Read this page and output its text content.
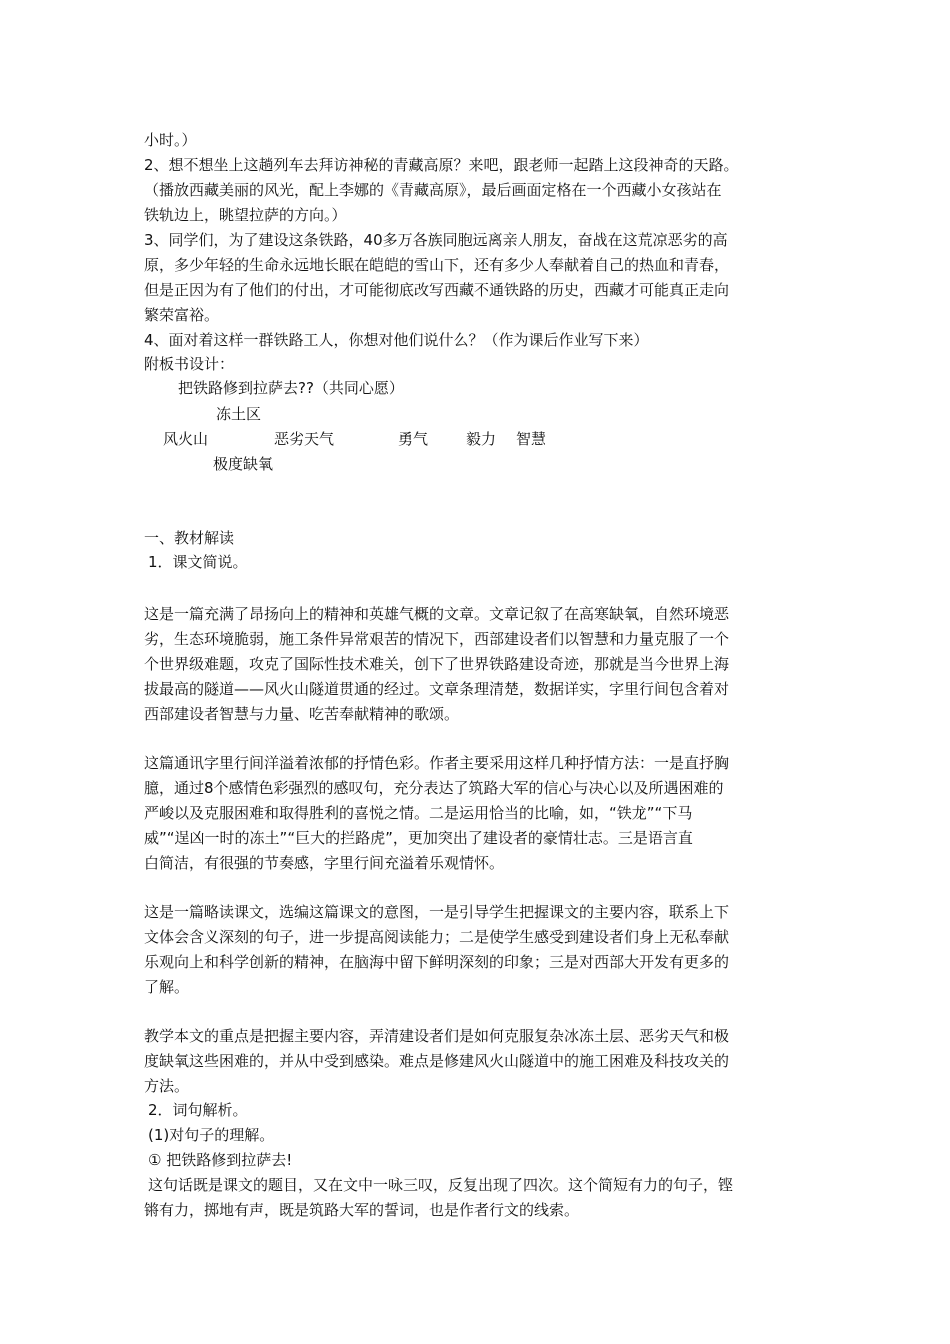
小时。）
2、想不想坐上这趟列车去拜访神秘的青藏高原？来吧，跟老师一起踏上这段神奇的天路。
（播放西藏美丽的风光，配上李娜的《青藏高原》，最后画面定格在一个西藏小女孩站在
铁轨边上，眺望拉萨的方向。）
3、同学们，为了建设这条铁路，40多万各族同胞远离亲人朋友，奋战在这荒凉恶劣的高
原，多少年轻的生命永远地长眠在皑皑的雪山下，还有多少人奉献着自己的热血和青春，
但是正因为有了他们的付出，才可能彻底改写西藏不通铁路的历史，西藏才可能真正走向
繁荣富裕。
4、面对着这样一群铁路工人，你想对他们说什么？（作为课后作业写下来）
附板书设计：
把铁路修到拉萨去??（共同心愿）
冻土区
风火山	恶劣天气	勇气	毅力 智慧
极度缺氧
一、教材解读
1．课文简说。
这是一篇充满了昂扬向上的精神和英雄气概的文章。文章记叙了在高寒缺氧，自然环境恶
劣，生态环境脆弱，施工条件异常艰苦的情况下，西部建设者们以智慧和力量克服了一个
个世界级难题，攻克了国际性技术难关，创下了世界铁路建设奇迹，那就是当今世界上海
拔最高的隧道——风火山隧道贯通的经过。文章条理清楚，数据详实，字里行间包含着对
西部建设者智慧与力量、吃苦奉献精神的歌颂。
这篇通讯字里行间洋溢着浓郁的抒情色彩。作者主要采用这样几种抒情方法：一是直抒胸
臆，通过8个感情色彩强烈的感叹句，充分表达了筑路大军的信心与决心以及所遇困难的
严峻以及克服困难和取得胜利的喜悦之情。二是运用恰当的比喻，如，“铁龙”“下马
威”“逞凶一时的冻土”“巨大的拦路虎”，更加突出了建设者的豪情壮志。三是语言直
白简洁，有很强的节奏感，字里行间充溢着乐观情怀。
这是一篇略读课文，选编这篇课文的意图，一是引导学生把握课文的主要内容，联系上下
文体会含义深刻的句子，进一步提高阅读能力；二是使学生感受到建设者们身上无私奉献
乐观向上和科学创新的精神，在脑海中留下鲜明深刻的印象；三是对西部大开发有更多的
了解。
教学本文的重点是把握主要内容，弄清建设者们是如何克服复杂冰冻土层、恶劣天气和极
度缺氧这些困难的，并从中受到感染。难点是修建风火山隧道中的施工困难及科技攻关的
方法。
2．词句解析。
(1)对句子的理解。
① 把铁路修到拉萨去!
这句话既是课文的题目，又在文中一咏三叹，反复出现了四次。这个简短有力的句子，铿
锵有力，掷地有声，既是筑路大军的誓词，也是作者行文的线索。
